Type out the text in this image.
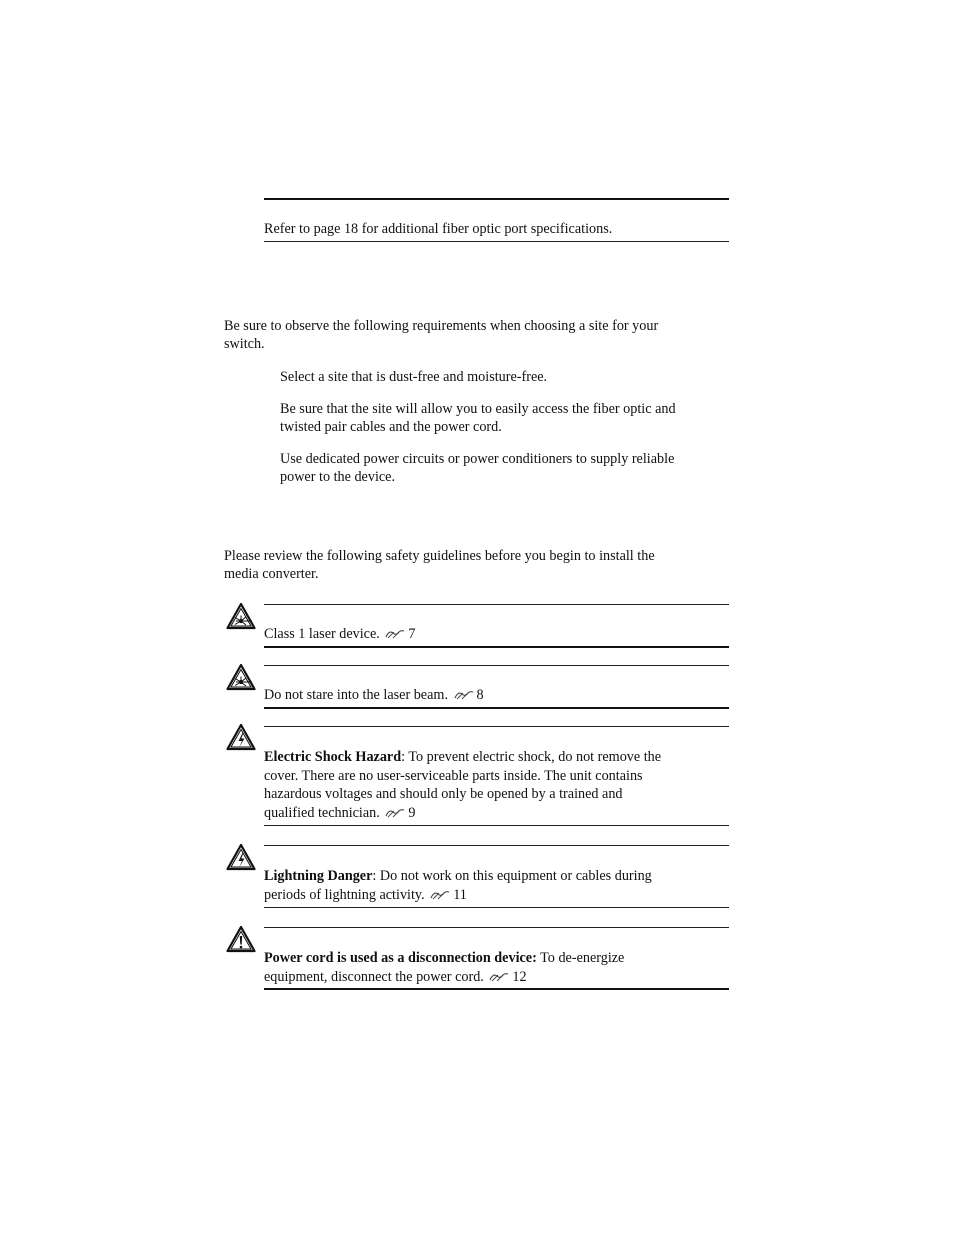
Refer to page 18 for additional fiber optic port specifications.
Be sure to observe the following requirements when choosing a site for your
switch.
Select a site that is dust-free and moisture-free.
Be sure that the site will allow you to easily access the fiber optic and
twisted pair cables and the power cord.
Use dedicated power circuits or power conditioners to supply reliable
power to the device.
Please review the following safety guidelines before you begin to install the
media converter.
Class 1 laser device. 7
Do not stare into the laser beam. 8
Electric Shock Hazard: To prevent electric shock, do not remove the
cover. There are no user-serviceable parts inside. The unit contains
hazardous voltages and should only be opened by a trained and
qualified technician. 9
Lightning Danger: Do not work on this equipment or cables during
periods of lightning activity. 11
Power cord is used as a disconnection device: To de-energize
equipment, disconnect the power cord. 12
